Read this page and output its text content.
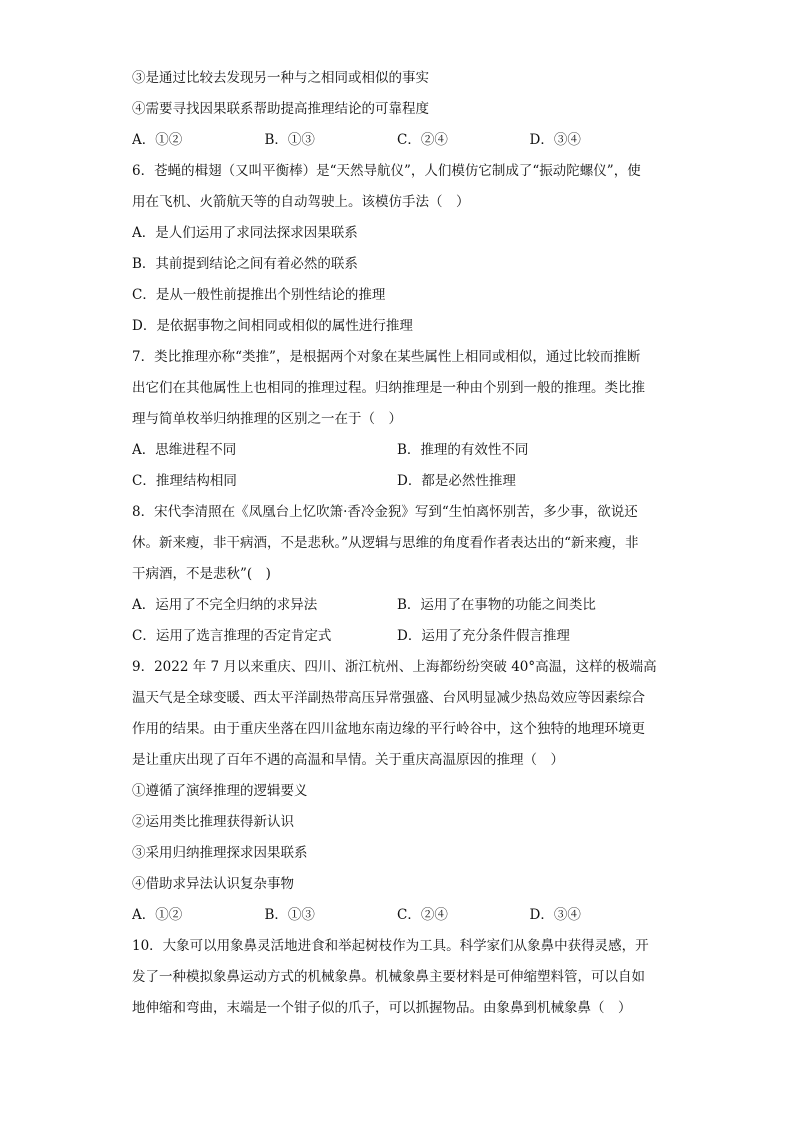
③是通过比较去发现另一种与之相同或相似的事实
④需要寻找因果联系帮助提高推理结论的可靠程度
A．①②	B．①③	C．②④	D．③④
6．苍蝇的楫翅（又叫平衡棒）是“天然导航仪”，人们模仿它制成了“振动陀螺仪”，使
用在飞机、火箭航天等的自动驾驶上。该模仿手法（　）
A．是人们运用了求同法探求因果联系
B．其前提到结论之间有着必然的联系
C．是从一般性前提推出个别性结论的推理
D．是依据事物之间相同或相似的属性进行推理
7．类比推理亦称“类推”，是根据两个对象在某些属性上相同或相似，通过比较而推断
出它们在其他属性上也相同的推理过程。归纳推理是一种由个别到一般的推理。类比推
理与简单枚举归纳推理的区别之一在于（　）
A．思维进程不同	B．推理的有效性不同
C．推理结构相同	D．都是必然性推理
8．宋代李清照在《凤凰台上忆吹箫·香冷金猊》写到“生怕离怀别苦，多少事，欲说还
休。新来瘦，非干病酒，不是悲秋。”从逻辑与思维的角度看作者表达出的“新来瘦，非
干病酒，不是悲秋”(　)
A．运用了不完全归纳的求异法	B．运用了在事物的功能之间类比
C．运用了选言推理的否定肯定式	D．运用了充分条件假言推理
9．2022 年 7 月以来重庆、四川、浙江杭州、上海都纷纷突破 40°高温，这样的极端高
温天气是全球变暖、西太平洋副热带高压异常强盛、台风明显减少热岛效应等因素综合
作用的结果。由于重庆坐落在四川盆地东南边缘的平行岭谷中，这个独特的地理环境更
是让重庆出现了百年不遇的高温和旱情。关于重庆高温原因的推理（　）
①遵循了演绎推理的逻辑要义
②运用类比推理获得新认识
③采用归纳推理探求因果联系
④借助求异法认识复杂事物
A．①②	B．①③	C．②④	D．③④
10．大象可以用象鼻灵活地进食和举起树枝作为工具。科学家们从象鼻中获得灵感，开
发了一种模拟象鼻运动方式的机械象鼻。机械象鼻主要材料是可伸缩塑料管，可以自如
地伸缩和弯曲，末端是一个钳子似的爪子，可以抓握物品。由象鼻到机械象鼻（　）
